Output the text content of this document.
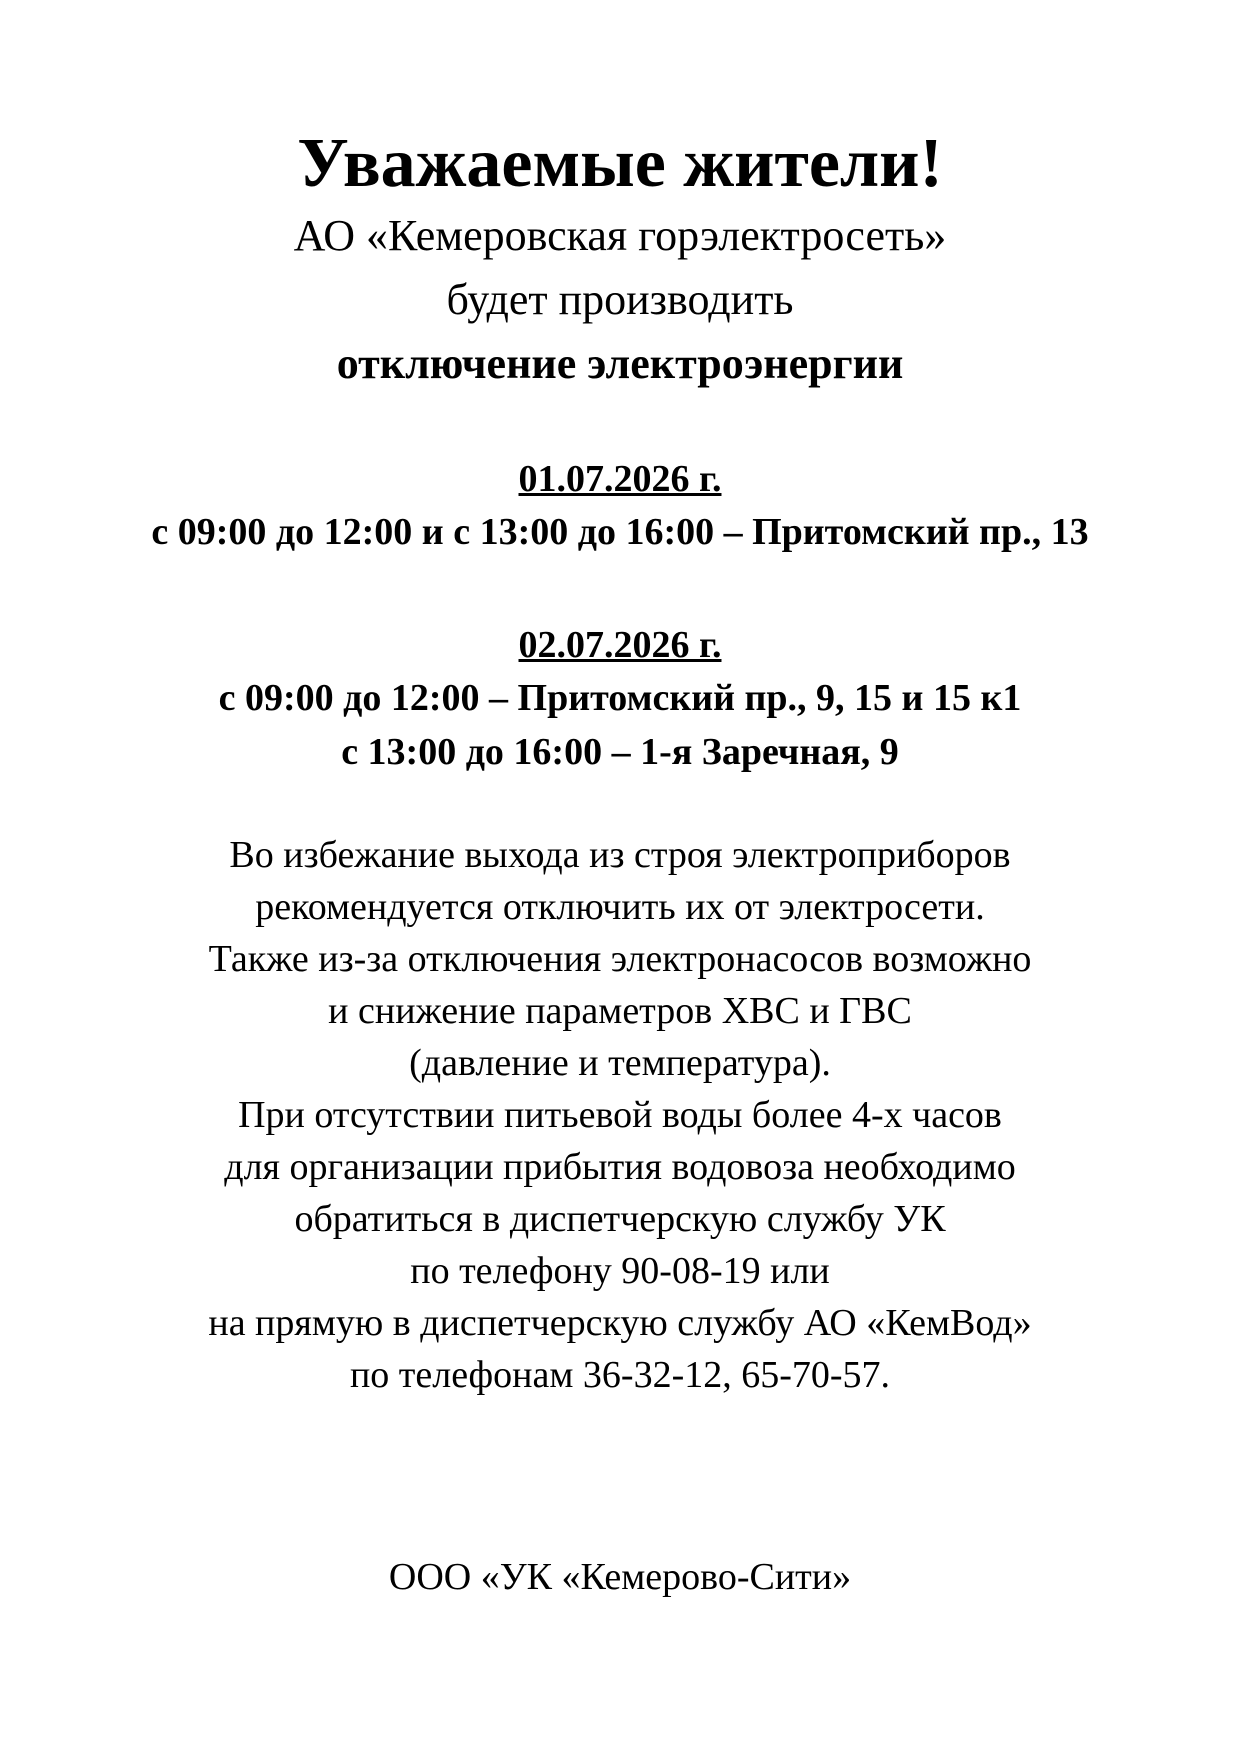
Уважаемые жители!

АО «Кемеровская горэлектросеть»

будет производить

отключение электроэнергии

01.07.2026 г.

с 09:00 до 12:00 и с 13:00 до 16:00 – Притомский пр., 13

02.07.2026 г.

с 09:00 до 12:00 – Притомский пр., 9, 15 и 15 к1

с 13:00 до 16:00 – 1-я Заречная, 9

Во избежание выхода из строя электроприборов

рекомендуется отключить их от электросети.

Также из-за отключения электронасосов возможно

и снижение параметров ХВС и ГВС

(давление и температура).

При отсутствии питьевой воды более 4-х часов

для организации прибытия водовоза необходимо

обратиться в диспетчерскую службу УК

по телефону 90-08-19 или

на прямую в диспетчерскую службу АО «КемВод»

по телефонам 36-32-12, 65-70-57.

ООО «УК «Кемерово-Сити»
